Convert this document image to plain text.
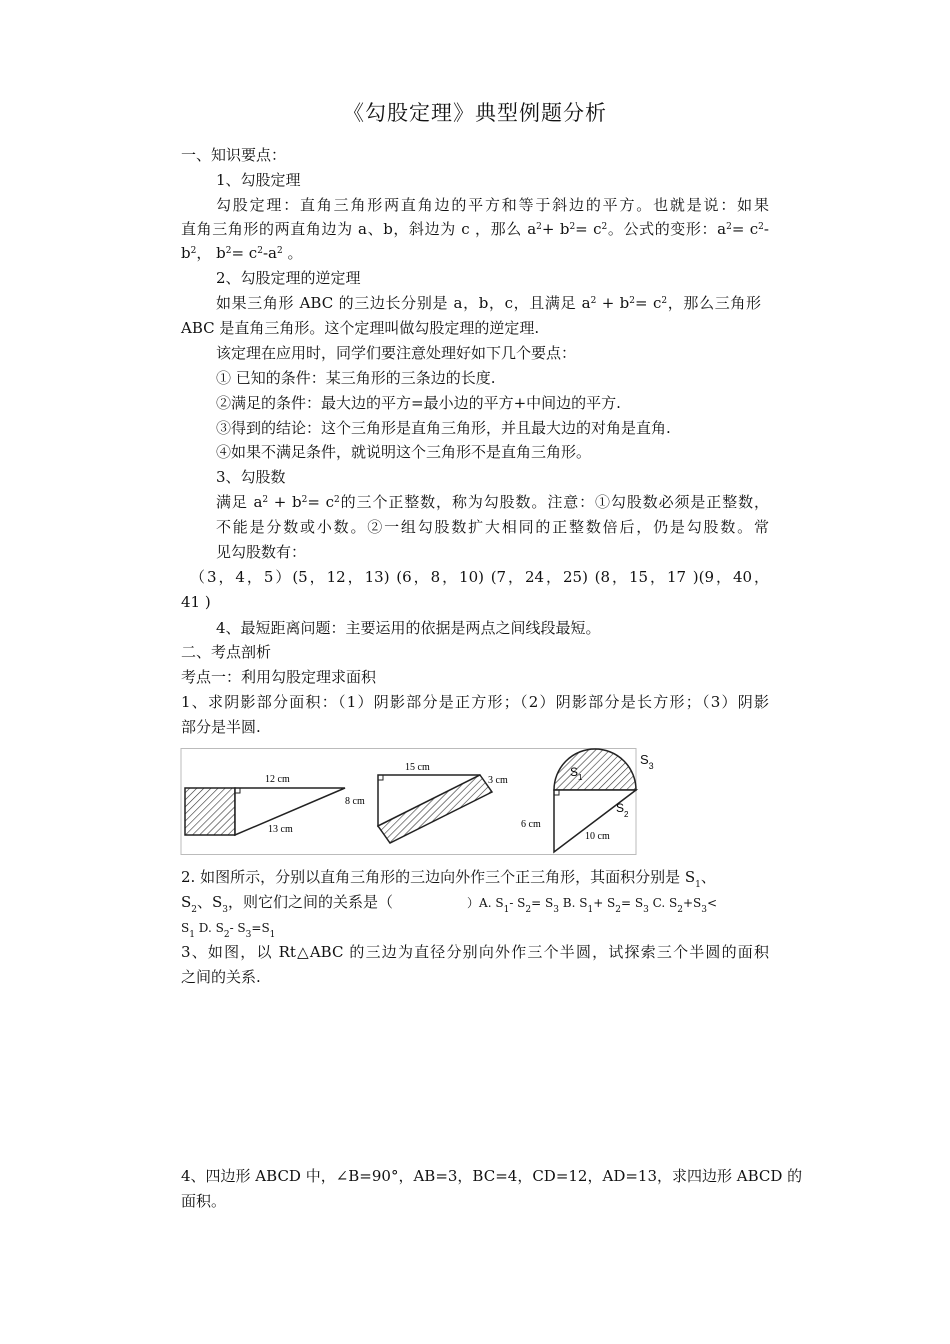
《勾股定理》典型例题分析
一、知识要点：
1、勾股定理
勾股定理：直角三角形两直角边的平方和等于斜边的平方。也就是说：如果
直角三角形的两直角边为 a、b，斜边为 c ，那么 $a^2+ b^2= c^2$。公式的变形：$a^2= c^2-$
$b^2$， $b^2= c^2-a^2$ 。
2、勾股定理的逆定理
如果三角形 ABC 的三边长分别是 a，b，c，且满足 $a^2 + b^2= c^2$，那么三角形
ABC 是直角三角形。这个定理叫做勾股定理的逆定理.
该定理在应用时，同学们要注意处理好如下几个要点：
① 已知的条件：某三角形的三条边的长度.
②满足的条件：最大边的平方=最小边的平方+中间边的平方.
③得到的结论：这个三角形是直角三角形，并且最大边的对角是直角.
④如果不满足条件，就说明这个三角形不是直角三角形。
3、勾股数
满足 $a^2 + b^2= c^2$的三个正整数，称为勾股数。注意：①勾股数必须是正整数，
不能是分数或小数。②一组勾股数扩大相同的正整数倍后，仍是勾股数。常
见勾股数有：
（3，4，5）(5，12，13) (6，8，10) (7，24，25) (8，15，17 )(9，40，
41 )
4、最短距离问题：主要运用的依据是两点之间线段最短。
二、考点剖析
考点一：利用勾股定理求面积
1、求阴影部分面积：（1）阴影部分是正方形；（2）阴影部分是长方形；（3）阴影
部分是半圆.
12 cm
8 cm
13 cm
15 cm
3 cm
$S_1$
$S_2$
6 cm
10 cm
$S_3$
2. 如图所示，分别以直角三角形的三边向外作三个正三角形，其面积分别是 $S_1$、
$S_2$、$S_3$，则它们之间的关系是（	）A. $S_1-$ $S_2= S_3$ B. $S_1+ S_2= S_3$ C. $S_2+S_3<$
$S_1$ D. $S_2-$ $S_3=S_1$
3、如图，以 Rt△ABC 的三边为直径分别向外作三个半圆，试探索三个半圆的面积
之间的关系.
4、四边形 ABCD 中，∠B=90°，AB=3，BC=4，CD=12，AD=13，求四边形 ABCD 的
面积。
